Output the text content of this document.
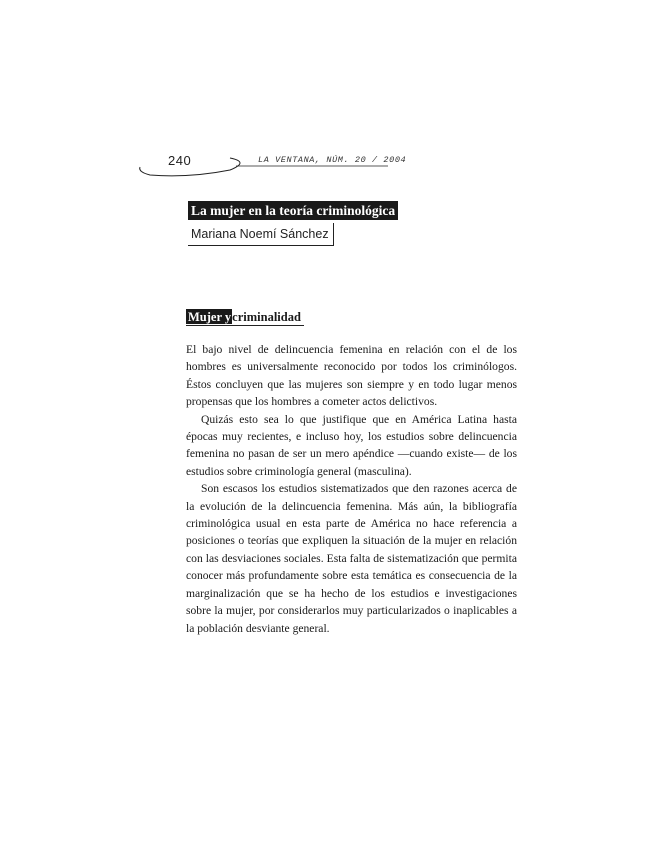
240	LA VENTANA, NÚM. 20 / 2004
La mujer en la teoría criminológica
Mariana Noemí Sánchez
Mujer ycriminalidad

El bajo nivel de delincuencia femenina en relación con el de los hombres es universalmente reconocido por todos los criminólogos. Éstos concluyen que las mujeres son siempre y en todo lugar menos propensas que los hombres a cometer actos delictivos.

Quizás esto sea lo que justifique que en América Latina hasta épocas muy recientes, e incluso hoy, los estudios sobre delincuencia femenina no pasan de ser un mero apéndice —cuando existe— de los estudios sobre criminología general (masculina).

Son escasos los estudios sistematizados que den razones acerca de la evolución de la delincuencia femenina. Más aún, la bibliografía criminológica usual en esta parte de América no hace referencia a posiciones o teorías que expliquen la situación de la mujer en relación con las desviaciones sociales. Esta falta de sistematización que permita conocer más profundamente sobre esta temática es consecuencia de la marginalización que se ha hecho de los estudios e investigaciones sobre la mujer, por considerarlos muy particularizados o inaplicables a la población desviante general.
